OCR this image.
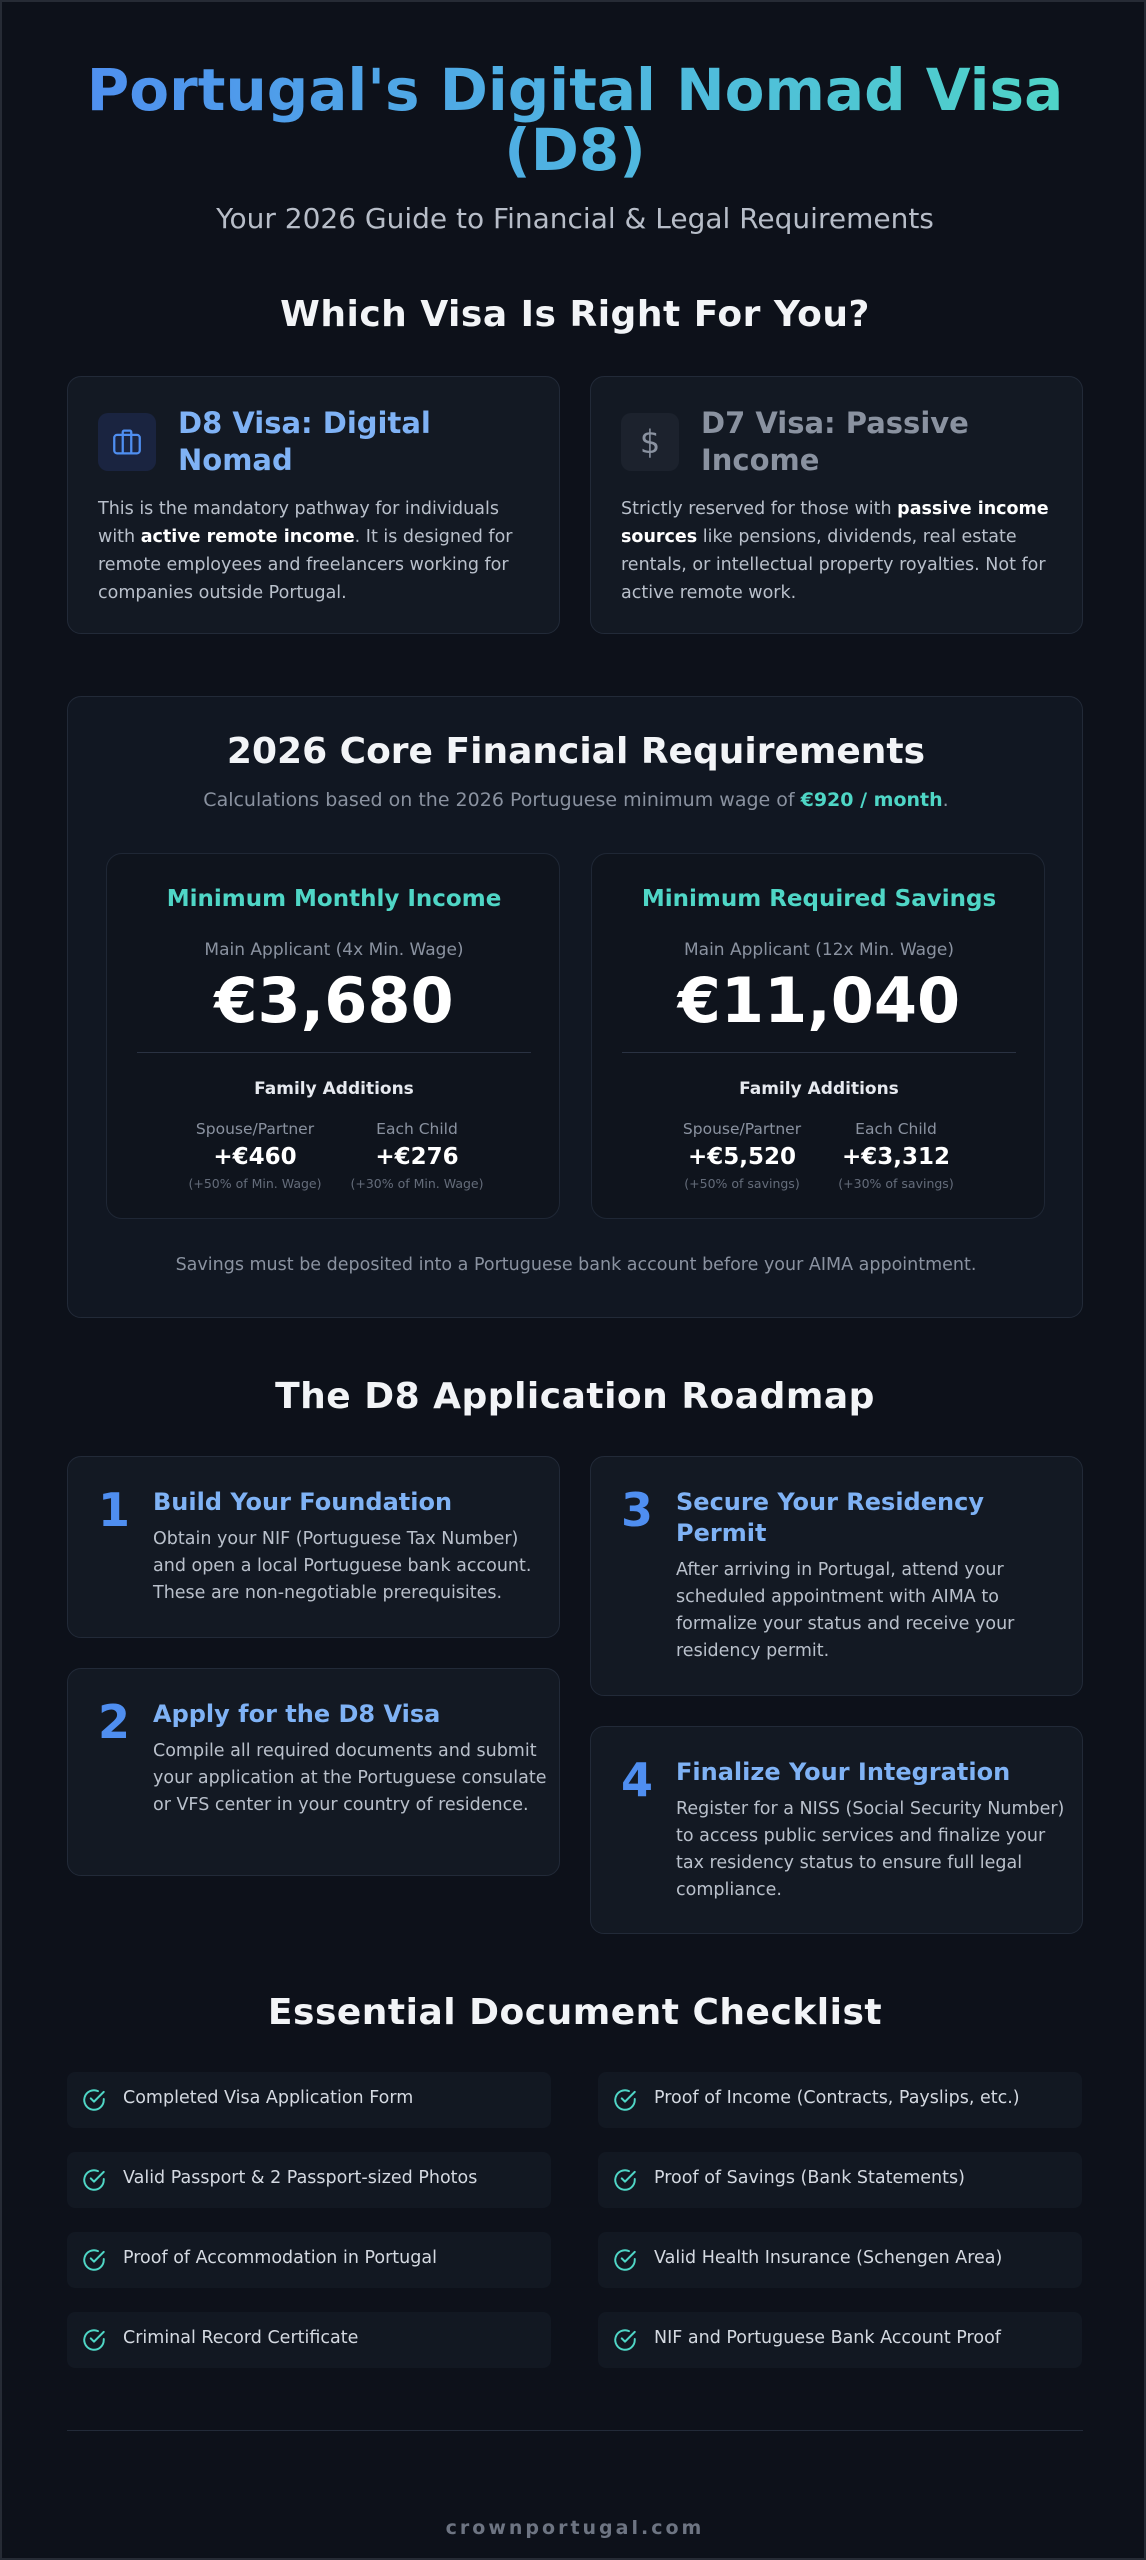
Portugal's Digital Nomad Visa (D8)
Your 2026 Guide to Financial & Legal Requirements
Which Visa Is Right For You?
D8 Visa: Digital Nomad
This is the mandatory pathway for individuals with active remote income. It is designed for remote employees and freelancers working for companies outside Portugal.
$ D7 Visa: Passive Income
Strictly reserved for those with passive income sources like pensions, dividends, real estate rentals, or intellectual property royalties. Not for active remote work.
2026 Core Financial Requirements
Calculations based on the 2026 Portuguese minimum wage of €920 / month.
Minimum Monthly Income
Main Applicant (4x Min. Wage)
€3,680
Family Additions
Spouse/Partner
+€460
(+50% of Min. Wage)
Each Child
+€276
(+30% of Min. Wage)
Minimum Required Savings
Main Applicant (12x Min. Wage)
€11,040
Family Additions
Spouse/Partner
+€5,520
(+50% of savings)
Each Child
+€3,312
(+30% of savings)
Savings must be deposited into a Portuguese bank account before your AIMA appointment.
The D8 Application Roadmap
1 Build Your Foundation
Obtain your NIF (Portuguese Tax Number) and open a local Portuguese bank account. These are non-negotiable prerequisites.
2 Apply for the D8 Visa
Compile all required documents and submit your application at the Portuguese consulate or VFS center in your country of residence.
3 Secure Your Residency Permit
After arriving in Portugal, attend your scheduled appointment with AIMA to formalize your status and receive your residency permit.
4 Finalize Your Integration
Register for a NISS (Social Security Number) to access public services and finalize your tax residency status to ensure full legal compliance.
Essential Document Checklist
Completed Visa Application Form	Proof of Income (Contracts, Payslips, etc.)
Valid Passport & 2 Passport-sized Photos	Proof of Savings (Bank Statements)
Proof of Accommodation in Portugal	Valid Health Insurance (Schengen Area)
Criminal Record Certificate	NIF and Portuguese Bank Account Proof
crownportugal.com
